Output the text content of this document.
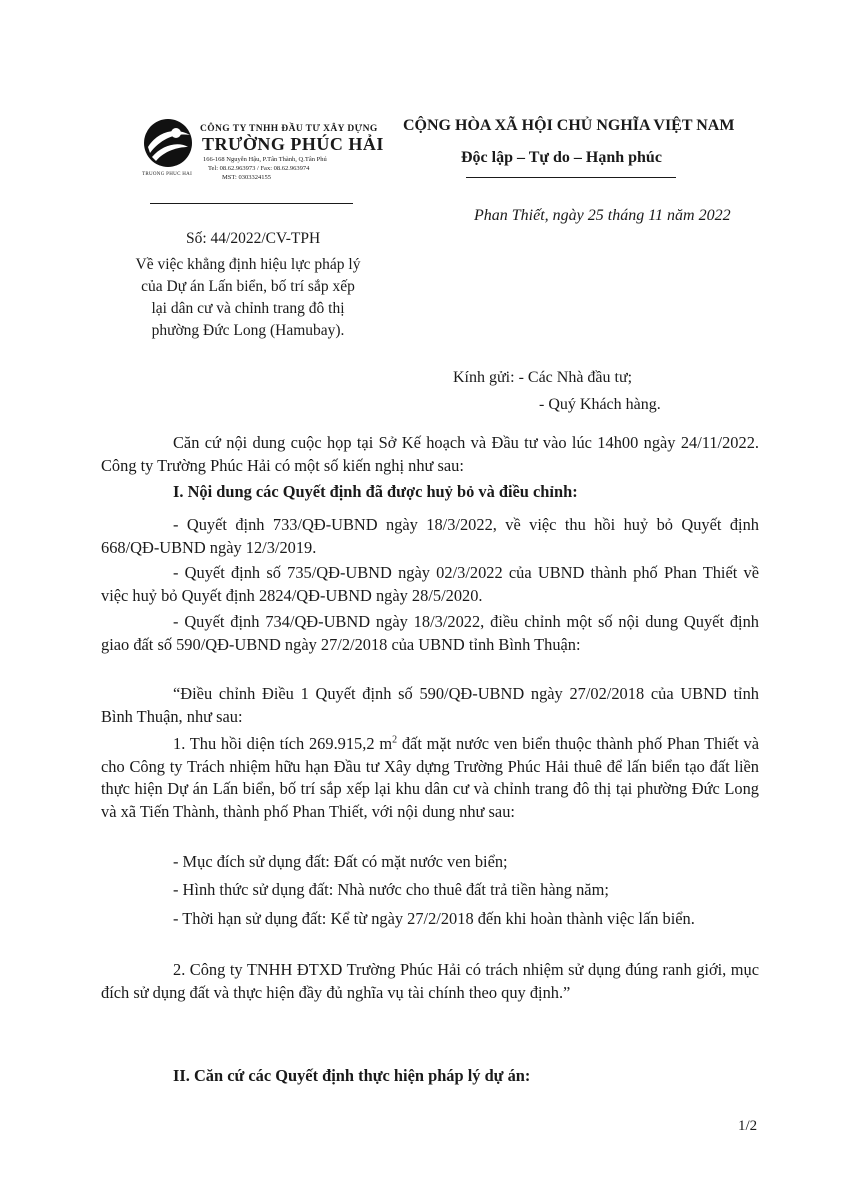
TRUONG PHUC HAI
CÔNG TY TNHH ĐẦU TƯ XÂY DỰNG
TRƯỜNG PHÚC HẢI
166-168 Nguyễn Hậu, P.Tân Thành, Q.Tân Phú
Tel: 08.62.963973 / Fax: 08.62.963974
MST: 0303324155
CỘNG HÒA XÃ HỘI CHỦ NGHĨA VIỆT NAM
Độc lập – Tự do – Hạnh phúc
Phan Thiết, ngày 25 tháng 11 năm 2022
Số: 44/2022/CV-TPH
Về việc khẳng định hiệu lực pháp lý
của Dự án Lấn biển, bố trí sắp xếp
lại dân cư và chỉnh trang đô thị
phường Đức Long (Hamubay).
Kính gửi: - Các Nhà đầu tư;
- Quý Khách hàng.

Căn cứ nội dung cuộc họp tại Sở Kế hoạch và Đầu tư vào lúc 14h00 ngày 24/11/2022. Công ty Trường Phúc Hải có một số kiến nghị như sau:

I. Nội dung các Quyết định đã được huỷ bỏ và điều chỉnh:

- Quyết định 733/QĐ-UBND ngày 18/3/2022, về việc thu hồi huỷ bỏ Quyết định 668/QĐ-UBND ngày 12/3/2019.

- Quyết định số 735/QĐ-UBND ngày 02/3/2022 của UBND thành phố Phan Thiết về việc huỷ bỏ Quyết định 2824/QĐ-UBND ngày 28/5/2020.

- Quyết định 734/QĐ-UBND ngày 18/3/2022, điều chỉnh một số nội dung Quyết định giao đất số 590/QĐ-UBND ngày 27/2/2018 của UBND tỉnh Bình Thuận:

“Điều chỉnh Điều 1 Quyết định số 590/QĐ-UBND ngày 27/02/2018 của UBND tỉnh Bình Thuận, như sau:

1. Thu hồi diện tích 269.915,2 $m^2$ đất mặt nước ven biển thuộc thành phố Phan Thiết và cho Công ty Trách nhiệm hữu hạn Đầu tư Xây dựng Trường Phúc Hải thuê để lấn biển tạo đất liền thực hiện Dự án Lấn biển, bố trí sắp xếp lại khu dân cư và chỉnh trang đô thị tại phường Đức Long và xã Tiến Thành, thành phố Phan Thiết, với nội dung như sau:

- Mục đích sử dụng đất: Đất có mặt nước ven biển;

- Hình thức sử dụng đất: Nhà nước cho thuê đất trả tiền hàng năm;

- Thời hạn sử dụng đất: Kể từ ngày 27/2/2018 đến khi hoàn thành việc lấn biển.

2. Công ty TNHH ĐTXD Trường Phúc Hải có trách nhiệm sử dụng đúng ranh giới, mục đích sử dụng đất và thực hiện đầy đủ nghĩa vụ tài chính theo quy định.”

II. Căn cứ các Quyết định thực hiện pháp lý dự án:
1/2
